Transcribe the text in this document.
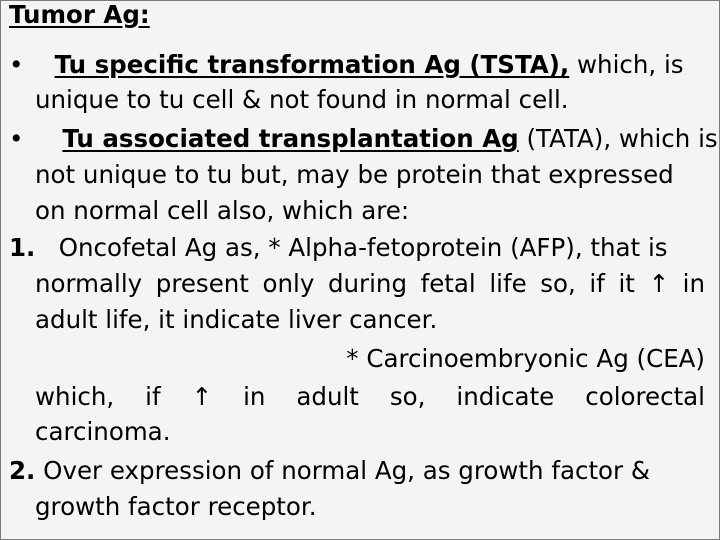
Tumor Ag:
• Tu specific transformation Ag (TSTA), which, is
unique to tu cell & not found in normal cell.
• Tu associated transplantation Ag (TATA), which is
not unique to tu but, may be protein that expressed
on normal cell also, which are:
1. Oncofetal Ag as, * Alpha-fetoprotein (AFP), that is
normally present only during fetal life so, if it ↑ in
adult life, it indicate liver cancer.
* Carcinoembryonic Ag (CEA)
which, if ↑ in adult so, indicate colorectal
carcinoma.
2. Over expression of normal Ag, as growth factor &
growth factor receptor.
